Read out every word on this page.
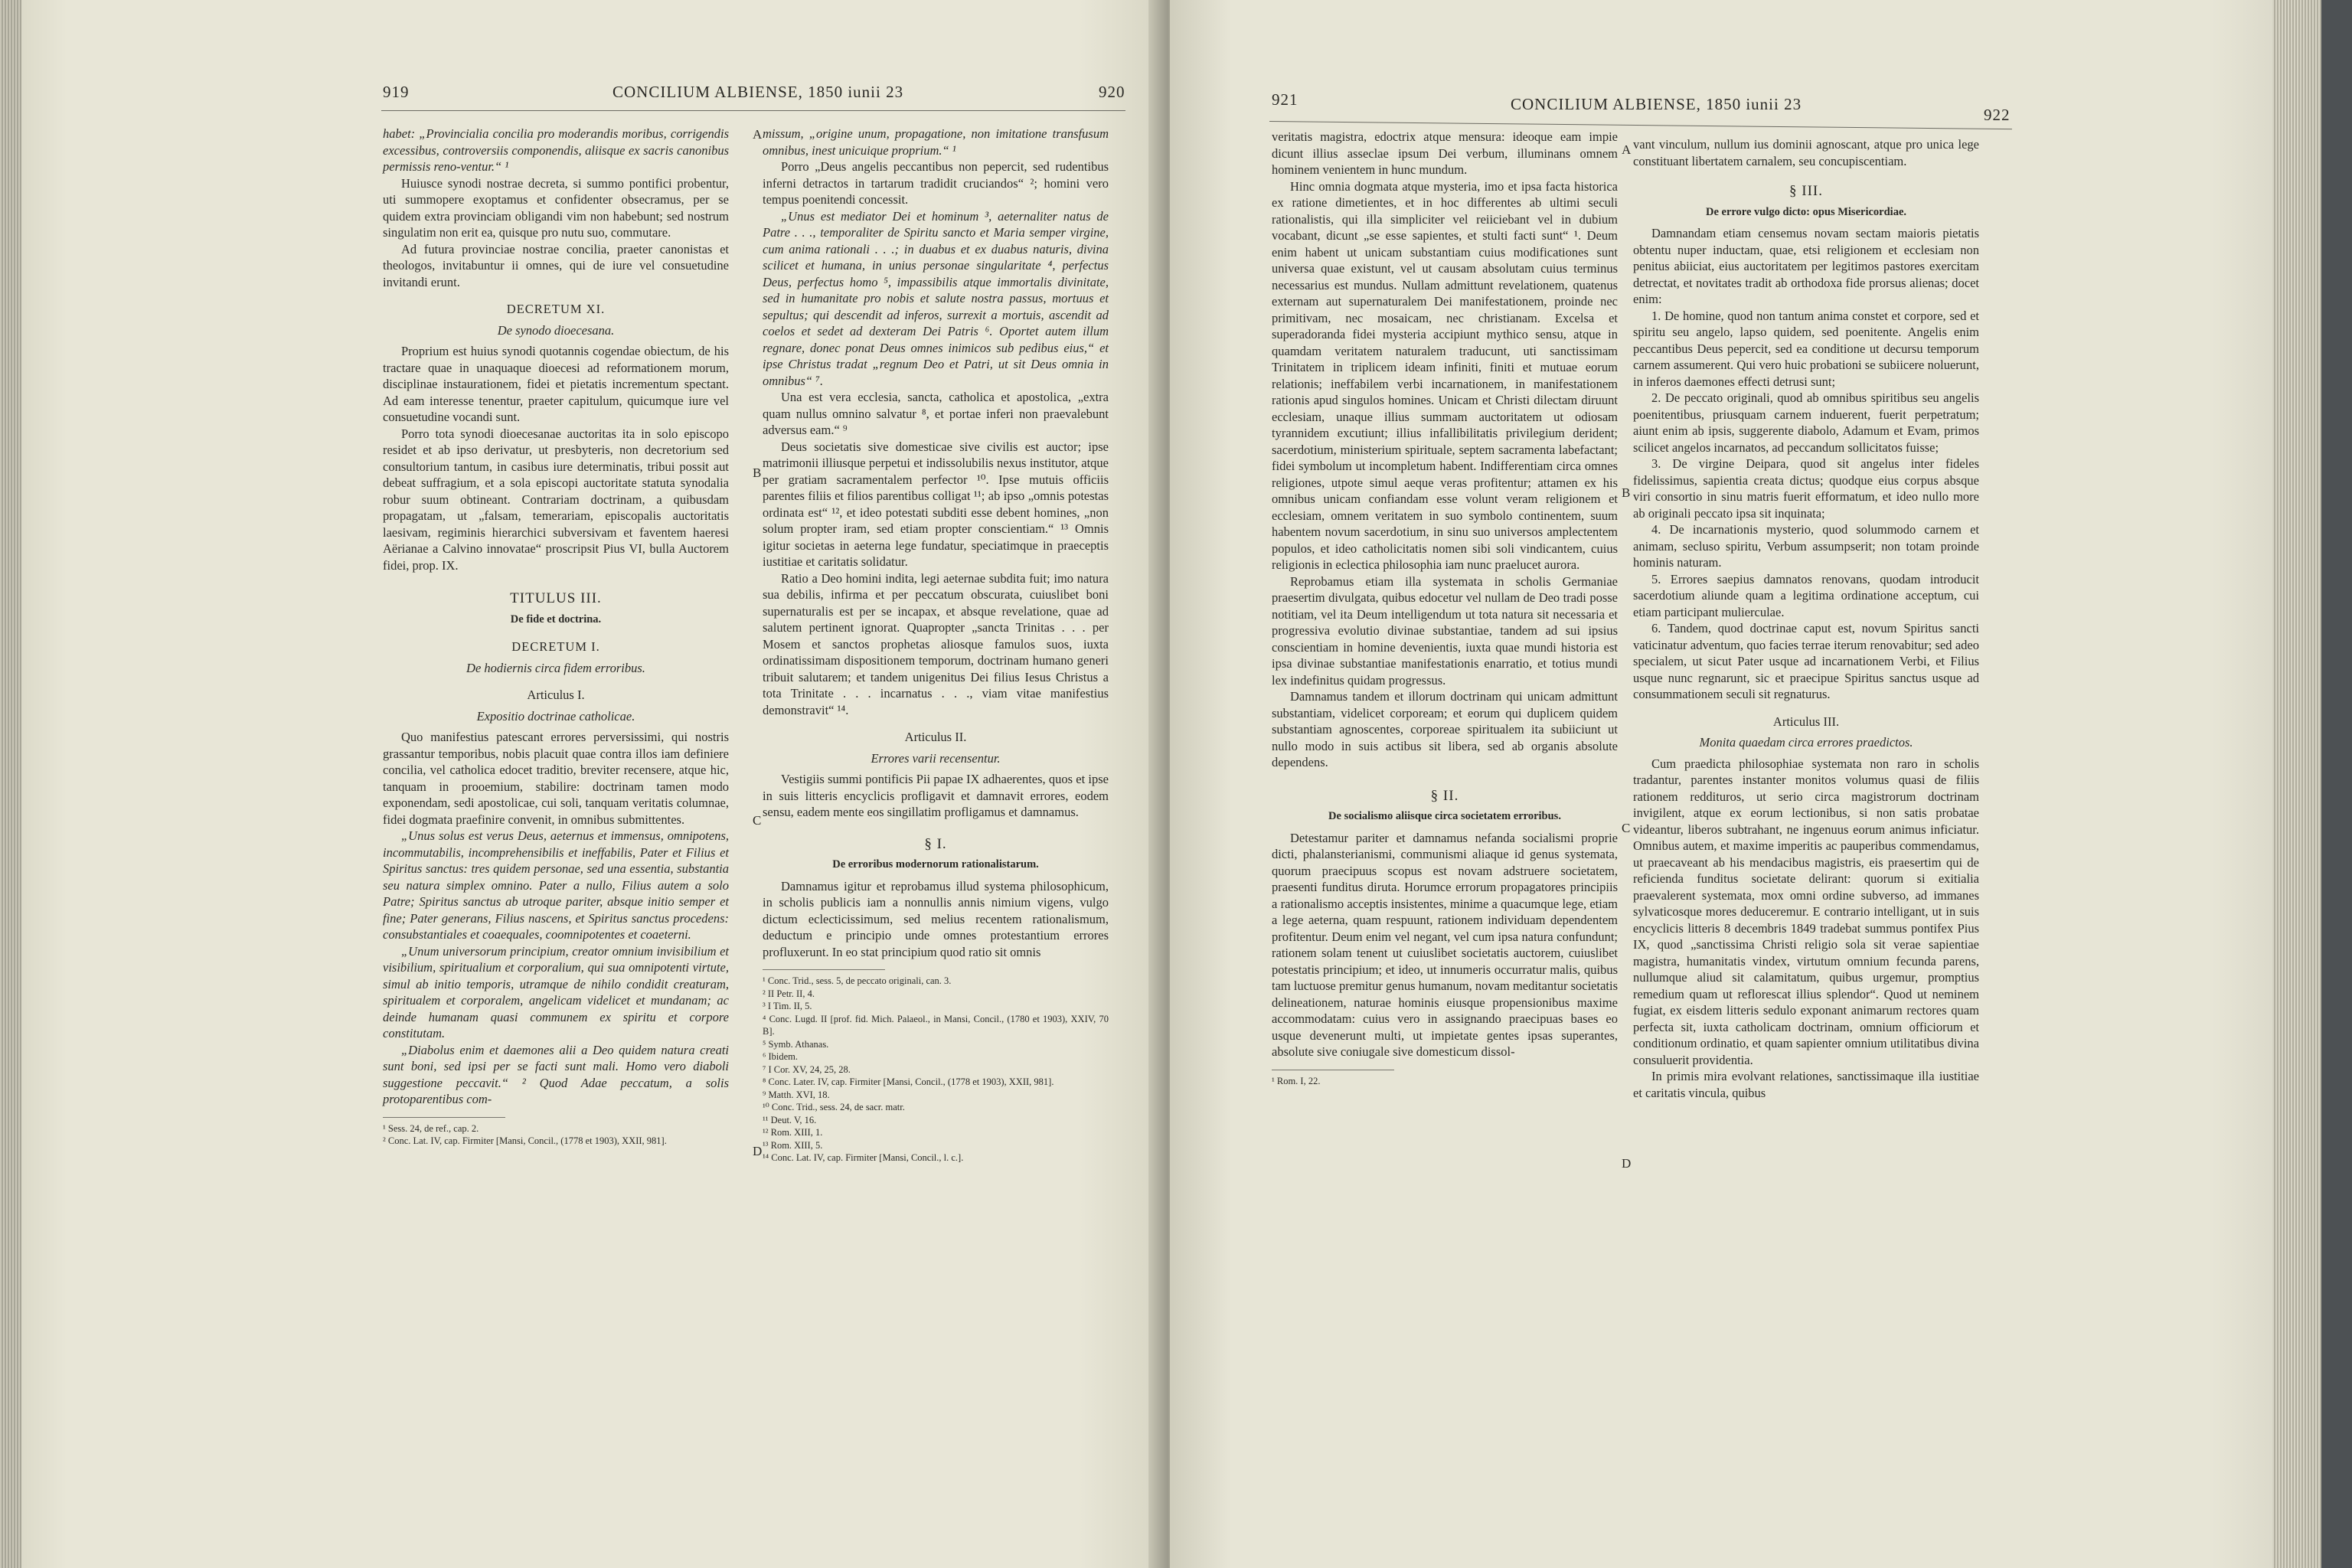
919	CONCILIUM ALBIENSE, 1850 iunii 23	920

habet: „Provincialia concilia pro moderandis moribus, corrigendis excessibus, controversiis componendis, aliisque ex sacris canonibus permissis reno-ventur.“ ¹

Huiusce synodi nostrae decreta, si summo pontifici probentur, uti summopere exoptamus et confidenter obsecramus, per se quidem extra provinciam obligandi vim non habebunt; sed nostrum singulatim non erit ea, quisque pro nutu suo, commutare.

Ad futura provinciae nostrae concilia, praeter canonistas et theologos, invitabuntur ii omnes, qui de iure vel consuetudine invitandi erunt.

DECRETUM XI.
De synodo dioecesana.

Proprium est huius synodi quotannis cogendae obiectum, de his tractare quae in unaquaque dioecesi ad reformationem morum, disciplinae instaurationem, fidei et pietatis incrementum spectant. Ad eam interesse tenentur, praeter capitulum, quicumque iure vel consuetudine vocandi sunt.

Porro tota synodi dioecesanae auctoritas ita in solo episcopo residet et ab ipso derivatur, ut presbyteris, non decretorium sed consultorium tantum, in casibus iure determinatis, tribui possit aut debeat suffragium, et a sola episcopi auctoritate statuta synodalia robur suum obtineant. Contrariam doctrinam, a quibusdam propagatam, ut „falsam, temerariam, episcopalis auctoritatis laesivam, regiminis hierarchici subversivam et faventem haeresi Aërianae a Calvino innovatae“ proscripsit Pius VI, bulla Auctorem fidei, prop. IX.

TITULUS III.
De fide et doctrina.
DECRETUM I.
De hodiernis circa fidem erroribus.
Articulus I.
Expositio doctrinae catholicae.

Quo manifestius patescant errores perversissimi, qui nostris grassantur temporibus, nobis placuit quae contra illos iam definiere concilia, vel catholica edocet traditio, breviter recensere, atque hic, tanquam in prooemium, stabilire: doctrinam tamen modo exponendam, sedi apostolicae, cui soli, tanquam veritatis columnae, fidei dogmata praefinire convenit, in omnibus submittentes.

„Unus solus est verus Deus, aeternus et immensus, omnipotens, incommutabilis, incomprehensibilis et ineffabilis, Pater et Filius et Spiritus sanctus: tres quidem personae, sed una essentia, substantia seu natura simplex omnino. Pater a nullo, Filius autem a solo Patre; Spiritus sanctus ab utroque pariter, absque initio semper et fine; Pater generans, Filius nascens, et Spiritus sanctus procedens: consubstantiales et coaequales, coomnipotentes et coaeterni.

„Unum universorum principium, creator omnium invisibilium et visibilium, spiritualium et corporalium, qui sua omnipotenti virtute, simul ab initio temporis, utramque de nihilo condidit creaturam, spiritualem et corporalem, angelicam videlicet et mundanam; ac deinde humanam quasi communem ex spiritu et corpore constitutam.

„Diabolus enim et daemones alii a Deo quidem natura creati sunt boni, sed ipsi per se facti sunt mali. Homo vero diaboli suggestione peccavit.“ ² Quod Adae peccatum, a solis protoparentibus com-

¹ Sess. 24, de ref., cap. 2.
² Conc. Lat. IV, cap. Firmiter [Mansi, Concil., (1778 et 1903), XXII, 981].

missum, „origine unum, propagatione, non imitatione transfusum omnibus, inest unicuique proprium.“ ¹

Porro „Deus angelis peccantibus non pepercit, sed rudentibus inferni detractos in tartarum tradidit cruciandos“ ²; homini vero tempus poenitendi concessit.

„Unus est mediator Dei et hominum ³, aeternaliter natus de Patre . . ., temporaliter de Spiritu sancto et Maria semper virgine, cum anima rationali . . .; in duabus et ex duabus naturis, divina scilicet et humana, in unius personae singularitate ⁴, perfectus Deus, perfectus homo ⁵, impassibilis atque immortalis divinitate, sed in humanitate pro nobis et salute nostra passus, mortuus et sepultus; qui descendit ad inferos, surrexit a mortuis, ascendit ad coelos et sedet ad dexteram Dei Patris ⁶. Oportet autem illum regnare, donec ponat Deus omnes inimicos sub pedibus eius,“ et ipse Christus tradat „regnum Deo et Patri, ut sit Deus omnia in omnibus“ ⁷.

Una est vera ecclesia, sancta, catholica et apostolica, „extra quam nullus omnino salvatur ⁸, et portae inferi non praevalebunt adversus eam.“ ⁹

Deus societatis sive domesticae sive civilis est auctor; ipse matrimonii illiusque perpetui et indissolubilis nexus institutor, atque per gratiam sacramentalem perfector ¹⁰. Ipse mutuis officiis parentes filiis et filios parentibus colligat ¹¹; ab ipso „omnis potestas ordinata est“ ¹², et ideo potestati subditi esse debent homines, „non solum propter iram, sed etiam propter conscientiam.“ ¹³ Omnis igitur societas in aeterna lege fundatur, speciatimque in praeceptis iustitiae et caritatis solidatur.

Ratio a Deo homini indita, legi aeternae subdita fuit; imo natura sua debilis, infirma et per peccatum obscurata, cuiuslibet boni supernaturalis est per se incapax, et absque revelatione, quae ad salutem pertinent ignorat. Quapropter „sancta Trinitas . . . per Mosem et sanctos prophetas aliosque famulos suos, iuxta ordinatissimam dispositionem temporum, doctrinam humano generi tribuit salutarem; et tandem unigenitus Dei filius Iesus Christus a tota Trinitate . . . incarnatus . . ., viam vitae manifestius demonstravit“ ¹⁴.

Articulus II.
Errores varii recensentur.

Vestigiis summi pontificis Pii papae IX adhaerentes, quos et ipse in suis litteris encyclicis profligavit et damnavit errores, eodem sensu, eadem mente eos singillatim profligamus et damnamus.

§ I.
De erroribus modernorum rationalistarum.

Damnamus igitur et reprobamus illud systema philosophicum, in scholis publicis iam a nonnullis annis nimium vigens, vulgo dictum eclecticissimum, sed melius recentem rationalismum, deductum e principio unde omnes protestantium errores profluxerunt. In eo stat principium quod ratio sit omnis

¹ Conc. Trid., sess. 5, de peccato originali, can. 3.
² II Petr. II, 4.
³ I Tim. II, 5.
⁴ Conc. Lugd. II [prof. fid. Mich. Palaeol., in Mansi, Concil., (1780 et 1903), XXIV, 70 B].
⁵ Symb. Athanas.
⁶ Ibidem.
⁷ I Cor. XV, 24, 25, 28.
⁸ Conc. Later. IV, cap. Firmiter [Mansi, Concil., (1778 et 1903), XXII, 981].
⁹ Matth. XVI, 18.
¹⁰ Conc. Trid., sess. 24, de sacr. matr.
¹¹ Deut. V, 16.
¹² Rom. XIII, 1.
¹³ Rom. XIII, 5.
¹⁴ Conc. Lat. IV, cap. Firmiter [Mansi, Concil., l. c.].
A
B
C
D
921	CONCILIUM ALBIENSE, 1850 iunii 23
922

veritatis magistra, edoctrix atque mensura: ideoque eam impie dicunt illius asseclae ipsum Dei verbum, illuminans omnem hominem venientem in hunc mundum.

Hinc omnia dogmata atque mysteria, imo et ipsa facta historica ex ratione dimetientes, et in hoc differentes ab ultimi seculi rationalistis, qui illa simpliciter vel reiiciebant vel in dubium vocabant, dicunt „se esse sapientes, et stulti facti sunt“ ¹. Deum enim habent ut unicam substantiam cuius modificationes sunt universa quae existunt, vel ut causam absolutam cuius terminus necessarius est mundus. Nullam admittunt revelationem, quatenus externam aut supernaturalem Dei manifestationem, proinde nec primitivam, nec mosaicam, nec christianam. Excelsa et superadoranda fidei mysteria accipiunt mythico sensu, atque in quamdam veritatem naturalem traducunt, uti sanctissimam Trinitatem in triplicem ideam infiniti, finiti et mutuae eorum relationis; ineffabilem verbi incarnationem, in manifestationem rationis apud singulos homines. Unicam et Christi dilectam diruunt ecclesiam, unaque illius summam auctoritatem ut odiosam tyrannidem excutiunt; illius infallibilitatis privilegium derident; sacerdotium, ministerium spirituale, septem sacramenta labefactant; fidei symbolum ut incompletum habent. Indifferentiam circa omnes religiones, utpote simul aeque veras profitentur; attamen ex his omnibus unicam confiandam esse volunt veram religionem et ecclesiam, omnem veritatem in suo symbolo continentem, suum habentem novum sacerdotium, in sinu suo universos amplectentem populos, et ideo catholicitatis nomen sibi soli vindicantem, cuius religionis in eclectica philosophia iam nunc praelucet aurora.

Reprobamus etiam illa systemata in scholis Germaniae praesertim divulgata, quibus edocetur vel nullam de Deo tradi posse notitiam, vel ita Deum intelligendum ut tota natura sit necessaria et progressiva evolutio divinae substantiae, tandem ad sui ipsius conscientiam in homine devenientis, iuxta quae mundi historia est ipsa divinae substantiae manifestationis enarratio, et totius mundi lex indefinitus quidam progressus.

Damnamus tandem et illorum doctrinam qui unicam admittunt substantiam, videlicet corpoream; et eorum qui duplicem quidem substantiam agnoscentes, corporeae spiritualem ita subiiciunt ut nullo modo in suis actibus sit libera, sed ab organis absolute dependens.

§ II.
De socialismo aliisque circa societatem erroribus.

Detestamur pariter et damnamus nefanda socialismi proprie dicti, phalansterianismi, communismi aliaque id genus systemata, quorum praecipuus scopus est novam adstruere societatem, praesenti funditus diruta. Horumce errorum propagatores principiis a rationalismo acceptis insistentes, minime a quacumque lege, etiam a lege aeterna, quam respuunt, rationem individuam dependentem profitentur. Deum enim vel negant, vel cum ipsa natura confundunt; rationem solam tenent ut cuiuslibet societatis auctorem, cuiuslibet potestatis principium; et ideo, ut innumeris occurratur malis, quibus tam luctuose premitur genus humanum, novam meditantur societatis delineationem, naturae hominis eiusque propensionibus maxime accommodatam: cuius vero in assignando praecipuas bases eo usque devenerunt multi, ut impietate gentes ipsas superantes, absolute sive coniugale sive domesticum dissol-

¹ Rom. I, 22.

vant vinculum, nullum ius dominii agnoscant, atque pro unica lege constituant libertatem carnalem, seu concupiscentiam.

§ III.
De errore vulgo dicto: opus Misericordiae.

Damnandam etiam censemus novam sectam maioris pietatis obtentu nuper inductam, quae, etsi religionem et ecclesiam non penitus abiiciat, eius auctoritatem per legitimos pastores exercitam detrectat, et novitates tradit ab orthodoxa fide prorsus alienas; docet enim:

1. De homine, quod non tantum anima constet et corpore, sed et spiritu seu angelo, lapso quidem, sed poenitente. Angelis enim peccantibus Deus pepercit, sed ea conditione ut decursu temporum carnem assumerent. Qui vero huic probationi se subiicere noluerunt, in inferos daemones effecti detrusi sunt;

2. De peccato originali, quod ab omnibus spiritibus seu angelis poenitentibus, priusquam carnem induerent, fuerit perpetratum; aiunt enim ab ipsis, suggerente diabolo, Adamum et Evam, primos scilicet angelos incarnatos, ad peccandum sollicitatos fuisse;

3. De virgine Deipara, quod sit angelus inter fideles fidelissimus, sapientia creata dictus; quodque eius corpus absque viri consortio in sinu matris fuerit efformatum, et ideo nullo more ab originali peccato ipsa sit inquinata;

4. De incarnationis mysterio, quod solummodo carnem et animam, secluso spiritu, Verbum assumpserit; non totam proinde hominis naturam.

5. Errores saepius damnatos renovans, quodam introducit sacerdotium aliunde quam a legitima ordinatione acceptum, cui etiam participant mulierculae.

6. Tandem, quod doctrinae caput est, novum Spiritus sancti vaticinatur adventum, quo facies terrae iterum renovabitur; sed adeo specialem, ut sicut Pater usque ad incarnationem Verbi, et Filius usque nunc regnarunt, sic et praecipue Spiritus sanctus usque ad consummationem seculi sit regnaturus.

Articulus III.
Monita quaedam circa errores praedictos.

Cum praedicta philosophiae systemata non raro in scholis tradantur, parentes instanter monitos volumus quasi de filiis rationem reddituros, ut serio circa magistrorum doctrinam invigilent, atque ex eorum lectionibus, si non satis probatae videantur, liberos subtrahant, ne ingenuus eorum animus inficiatur. Omnibus autem, et maxime imperitis ac pauperibus commendamus, ut praecaveant ab his mendacibus magistris, eis praesertim qui de reficienda funditus societate delirant: quorum si exitialia praevalerent systemata, mox omni ordine subverso, ad immanes sylvaticosque mores deduceremur. E contrario intelligant, ut in suis encyclicis litteris 8 decembris 1849 tradebat summus pontifex Pius IX, quod „sanctissima Christi religio sola sit verae sapientiae magistra, humanitatis vindex, virtutum omnium fecunda parens, nullumque aliud sit calamitatum, quibus urgemur, promptius remedium quam ut reflorescat illius splendor“. Quod ut neminem fugiat, ex eisdem litteris sedulo exponant animarum rectores quam perfecta sit, iuxta catholicam doctrinam, omnium officiorum et conditionum ordinatio, et quam sapienter omnium utilitatibus divina consuluerit providentia.

In primis mira evolvant relationes, sanctissimaque illa iustitiae et caritatis vincula, quibus

A
B
C
D
